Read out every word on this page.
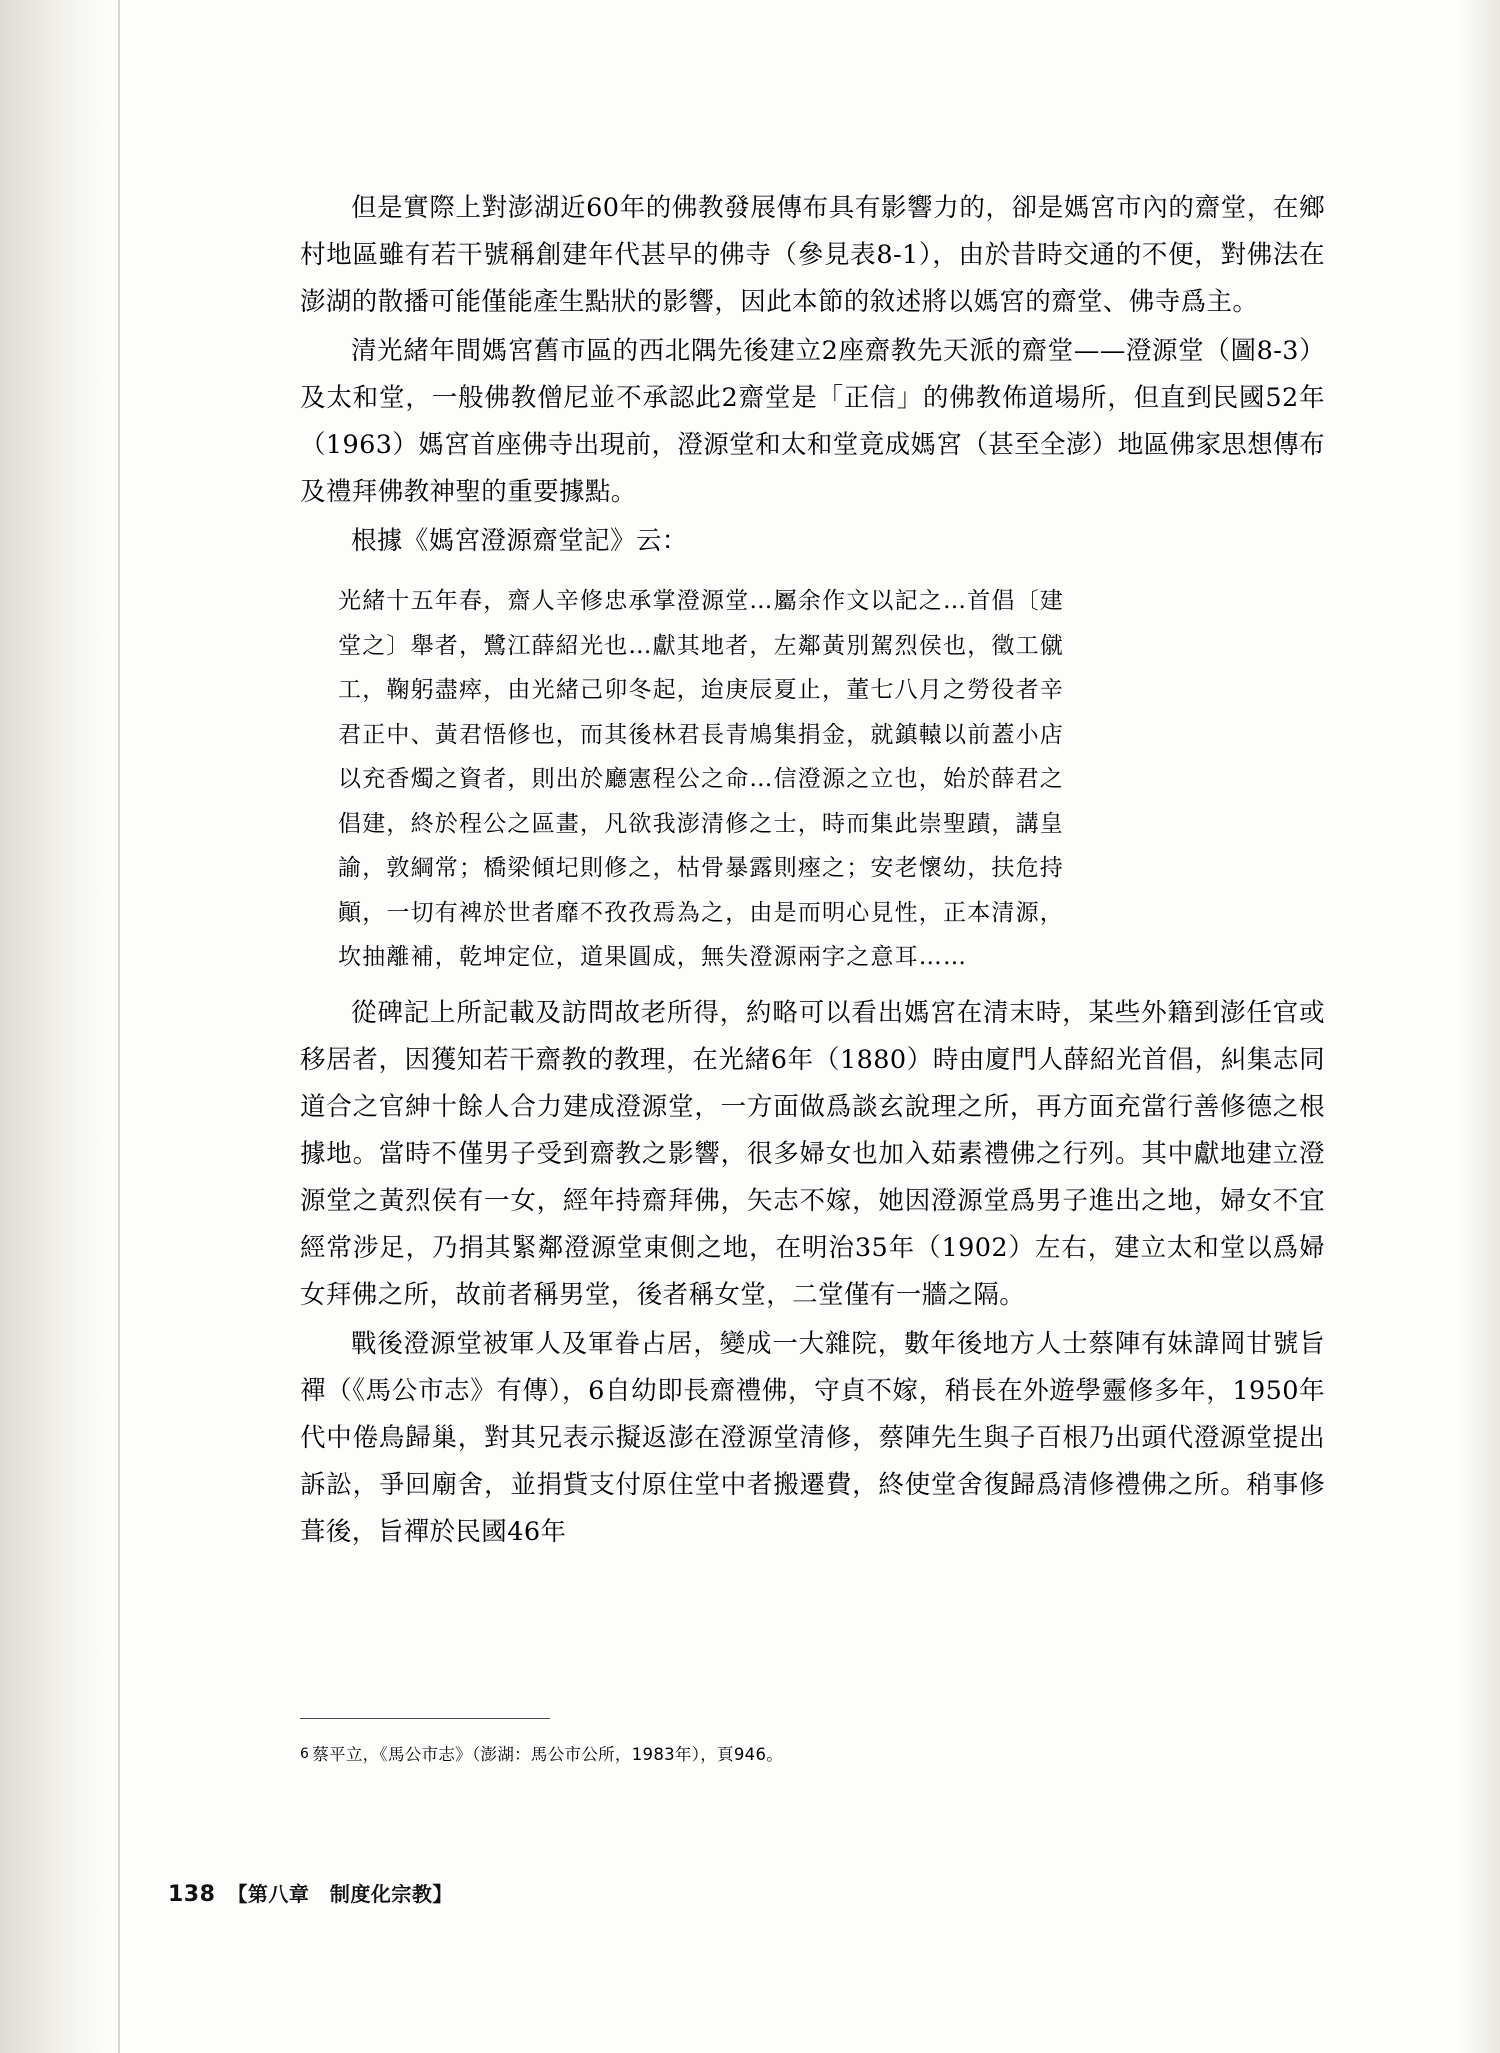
但是實際上對澎湖近60年的佛教發展傳布具有影響力的，卻是媽宮市內的齋堂，在鄉村地區雖有若干號稱創建年代甚早的佛寺（參見表8-1），由於昔時交通的不便，對佛法在澎湖的散播可能僅能產生點狀的影響，因此本節的敘述將以媽宮的齋堂、佛寺爲主。

清光緒年間媽宮舊市區的西北隅先後建立2座齋教先天派的齋堂——澄源堂（圖8-3）及太和堂，一般佛教僧尼並不承認此2齋堂是「正信」的佛教佈道場所，但直到民國52年（1963）媽宮首座佛寺出現前，澄源堂和太和堂竟成媽宮（甚至全澎）地區佛家思想傳布及禮拜佛教神聖的重要據點。

根據《媽宮澄源齋堂記》云：

光緒十五年春，齋人辛修忠承掌澄源堂…屬余作文以記之…首倡〔建

堂之〕舉者，鷺江薛紹光也…獻其地者，左鄰黃別駕烈侯也，徵工僦

工，鞠躬盡瘁，由光緒己卯冬起，迨庚辰夏止，董七八月之勞役者辛

君正中、黃君悟修也，而其後林君長青鳩集捐金，就鎮轅以前蓋小店

以充香燭之資者，則出於廳憲程公之命…信澄源之立也，始於薛君之

倡建，終於程公之區畫，凡欲我澎清修之士，時而集此崇聖蹟，講皇

諭，敦綱常；橋梁傾圮則修之，枯骨暴露則瘞之；安老懷幼，扶危持

顚，一切有裨於世者靡不孜孜焉為之，由是而明心見性，正本清源，

坎抽離補，乾坤定位，道果圓成，無失澄源兩字之意耳……

從碑記上所記載及訪問故老所得，約略可以看出媽宮在清末時，某些外籍到澎任官或移居者，因獲知若干齋教的教理，在光緒6年（1880）時由廈門人薛紹光首倡，糾集志同道合之官紳十餘人合力建成澄源堂，一方面做爲談玄說理之所，再方面充當行善修德之根據地。當時不僅男子受到齋教之影響，很多婦女也加入茹素禮佛之行列。其中獻地建立澄源堂之黃烈侯有一女，經年持齋拜佛，矢志不嫁，她因澄源堂爲男子進出之地，婦女不宜經常涉足，乃捐其緊鄰澄源堂東側之地，在明治35年（1902）左右，建立太和堂以爲婦女拜佛之所，故前者稱男堂，後者稱女堂，二堂僅有一牆之隔。

戰後澄源堂被軍人及軍眷占居，變成一大雜院，數年後地方人士蔡陣有妹諱岡甘號旨禪（《馬公市志》有傳），6自幼即長齋禮佛，守貞不嫁，稍長在外遊學靈修多年，1950年代中倦鳥歸巢，對其兄表示擬返澎在澄源堂清修，蔡陣先生與子百根乃出頭代澄源堂提出訴訟，爭回廟舍，並捐貲支付原住堂中者搬遷費，終使堂舍復歸爲清修禮佛之所。稍事修葺後，旨禪於民國46年

6 蔡平立，《馬公市志》（澎湖：馬公市公所，1983年），頁946。
138 【第八章　制度化宗教】
